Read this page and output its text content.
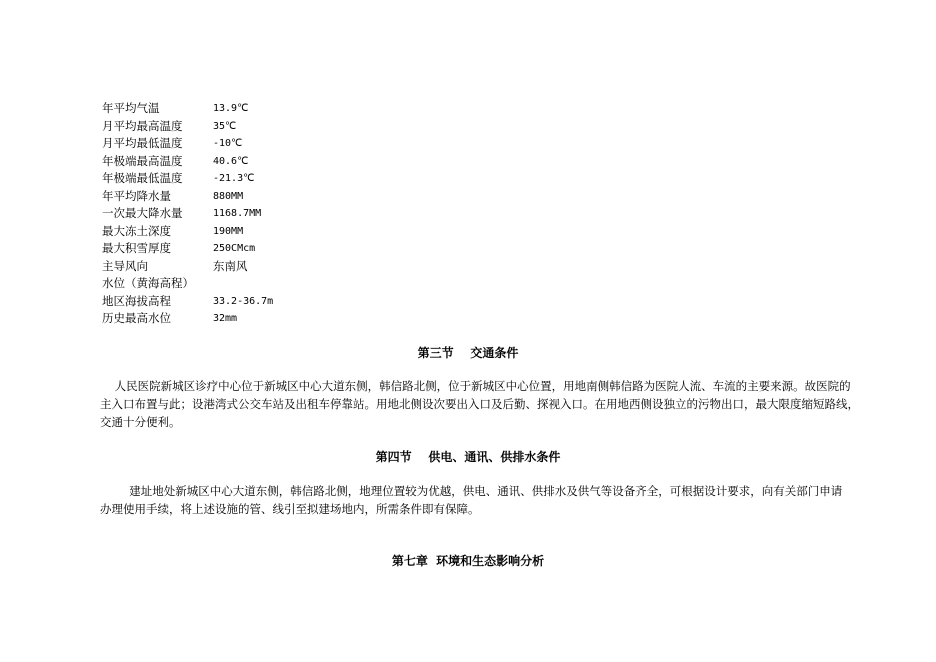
年平均气温	13.9℃
月平均最高温度	35℃
月平均最低温度	-10℃
年极端最高温度	40.6℃
年极端最低温度	-21.3℃
年平均降水量	880MM
一次最大降水量	1168.7MM
最大冻土深度	190MM
最大积雪厚度	250CMcm
主导风向	东南风
水位（黄海高程）
地区海拔高程	33.2-36.7m
历史最高水位	32mm
第三节    交通条件
人民医院新城区诊疗中心位于新城区中心大道东侧，韩信路北侧，位于新城区中心位置，用地南侧韩信路为医院人流、车流的主要来源。故医院的
主入口布置与此；设港湾式公交车站及出租车停靠站。用地北侧设次要出入口及后勤、探视入口。在用地西侧设独立的污物出口，最大限度缩短路线，
交通十分便利。
第四节    供电、通讯、供排水条件
建址地处新城区中心大道东侧，韩信路北侧，地理位置较为优越，供电、通讯、供排水及供气等设备齐全，可根据设计要求，向有关部门申请
办理使用手续，将上述设施的管、线引至拟建场地内，所需条件即有保障。
第七章  环境和生态影响分析
